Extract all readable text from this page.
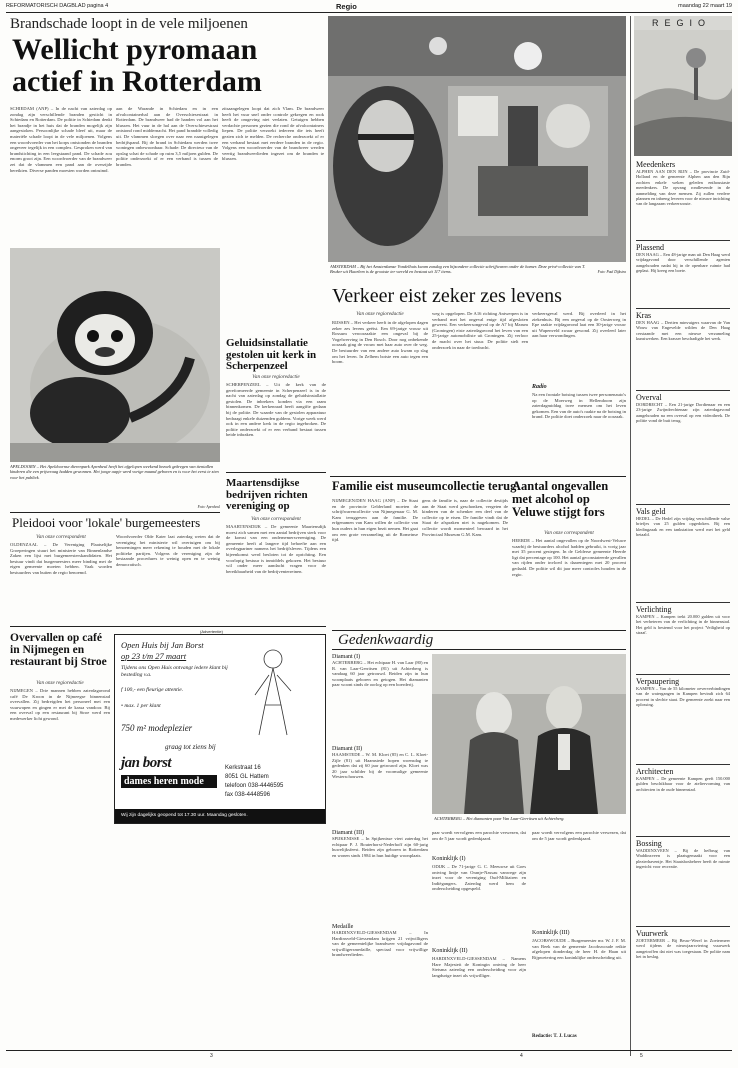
REFORMATORISCH DAGBLAD pagina 4	Regio	maandag 22 maart 19
Brandschade loopt in de vele miljoenen
Wellicht pyromaan
actief in Rotterdam
SCHIEDAM (ANP) – In de nacht van zaterdag op zondag zijn verschillende branden gesticht in Schiedam en Rotterdam. De politie in Schiedam denkt het brandje in het huis dat de branden mogelijk zijn aangestoken. Persoonlijke schade bleef uit, maar de materiële schade loopt in de vele miljoenen. Volgens een woordvoerder van het korps ontstonden de branden ongeveer tegelijk in een complex. Gesproken werd van brandstichting in een leegstaand pand. De schade zou enorm groot zijn. Een woordvoerder van de brandweer zei dat de vlammen een pand aan de overzijde bereikten. Diverse panden moesten worden ontruimd.
aan de Warande in Schiedam en in een afvalcontainerhal aan de Overschiesestraat in Rotterdam. De brandweer had de handen vol aan het blussen. Het vuur in de hal aan de Overschiesestraat ontstond rond middernacht. Het pand brandde volledig uit. De vlammen sloegen over naar een naastgelegen bedrijfspand. Bij de brand in Schiedam werden twee woningen onbewoonbaar. Schade: De directeur van de opslag schat de schade op ruim 3,5 miljoen gulden. De politie onderzoekt of er een verband is tussen de branden.
zitsaangelegen loopt dat zich Vlam. De brandweer heeft het vuur snel onder controle gekregen en rook heeft de omgeving niet verlaten. Getuigen hebben verdachte personen gezien die rond de afvalcontainers liepen. De politie verzoekt iedereen die iets heeft gezien zich te melden. De recherche onderzoekt of er een verband bestaat met eerdere branden in de regio. Volgens een woordvoerder van de brandweer werden veertig brandweerlieden ingezet om de branden te blussen.
AMSTERDAM – Bij het Amsterdamse Vondelhuis kwam zondag een bijzondere collectie schrijfwaren onder de hamer. Deze privé-collectie van T. Bruker uit Haarlem is de grootste ter wereld en bestaat uit 117 items.	Foto: Paul Dijkstra
Verkeer eist zeker zes levens
Van onze regioredactie
RIJSSEN – Het verkeer heeft in de afgelopen dagen zeker zes levens geëist. Een 69-jarige vrouw uit Rossum veroorzaakte een ongeval bij de Vogelwerving in Den Bosch. Door nog onbekende oorzaak ging de vrouw met haar auto over de weg. De bestuurder van een andere auto kwam op slag om het leven. In Zelhem botste een auto tegen een boom.
weg is opgelopen. De A16 richting Antwerpen is in verband met het ongeval enige tijd afgesloten geweest. Een verkeersongeval op de A7 bij Marum (Groningen) eiste zaterdagavond het leven van een 25-jarige automobiliste uit Groningen. Zij verloor de macht over het stuur. De politie stelt een onderzoek in naar de toedracht.
verkeersgeval werd. Bij overleed in het ziekenhuis. Bij een ongeval op de Oosterweg in Epe raakte vrijdagavond laat een 30-jarige vrouw uit Wapenveld zwaar gewond. Zij overleed later aan haar verwondingen.
Radio
Na een frontale botsing tussen twee personenauto's op de Moerweg in Hellendoorn zijn zaterdagmiddag twee mensen om het leven gekomen. Een van de auto's raakte na de botsing in brand. De politie doet onderzoek naar de oorzaak.
APELDOORN – Het Apeldoornse dierenpark Apenheul heeft het afgelopen weekend bezoek gekregen van tientallen kinderen die een prijsvraag hadden gewonnen. Het jonge aapje werd vorige maand geboren en is voor het eerst te zien voor het publiek.
Foto: Apenheul
Geluidsinstallatie gestolen uit kerk in Scherpenzeel
Van onze regioredactie
SCHERPENZEEL – Uit de kerk van de gereformeerde gemeente in Scherpenzeel is in de nacht van zaterdag op zondag de geluidsinstallatie gestolen. De inbrekers konden via een raam binnenkomen. De kerkenraad heeft aangifte gedaan bij de politie. De waarde van de gestolen apparatuur bedraagt enkele duizenden guldens. Vorige week werd ook in een andere kerk in de regio ingebroken. De politie onderzoekt of er een verband bestaat tussen beide inbraken.
Maartensdijkse bedrijven richten vereniging op
Van onze correspondent
MAARTENSDIJK – De gemeente Maartensdijk moest zich samen met een aantal bedrijven sterk voor de komst van een ondernemersvereniging. De gemeente heeft al langere tijd behoefte aan een overlegpartner namens het bedrijfsleven. Tijdens een bijeenkomst werd besloten tot de oprichting. Een voorlopig bestuur is inmiddels gekozen. Het bestuur wil onder meer aandacht vragen voor de bereikbaarheid van de bedrijventerreinen.
Pleidooi voor 'lokale' burgemeesters
Van onze correspondent
OLDENZAAL – De Vereniging Plaatselijke Groeperingen stuurt het ministerie van Binnenlandse Zaken een lijst met burgemeesterskandidaten. Het bestuur vindt dat burgemeesters meer binding met de eigen gemeente moeten hebben. Vaak worden bestuurders van buiten de regio benoemd.
Woordvoerder Olde Kater laat zaterdag weten dat de vereniging het ministerie wil overtuigen om bij benoemingen meer rekening te houden met de lokale politieke partijen. Volgens de vereniging zijn de bestaande procedures te weinig open en te weinig democratisch.
Overvallen op café in Nijmegen en restaurant bij Stroe
Van onze regioredactie
NIJMEGEN – Drie mannen hebben zaterdagavond café De Kroon in de Nijmeegse binnenstad overvallen. Zij bedreigden het personeel met een vuurwapen en gingen er met de kassa vandoor. Bij een overval op een restaurant bij Stroe werd een medewerker licht gewond.
(Advertentie)
Open Huis bij Jan Borst
op 23 t/m 27 maart
Tijdens ons Open Huis ontvangt iedere klant bij besteding v.a.
f 100,- een fleurige attentie.
• max. 1 per klant
750 m² modeplezier
graag tot ziens bij
jan borst
dames heren mode
Kerkstraat 16
8051 GL Hattem
telefoon 038-4446595
fax 038-4448596
Wij zijn dagelijks geopend tot 17.30 uur. Maandag gesloten.
Familie eist museumcollectie terug
NIJMEGEN/DEN HAAG (ANP) – De Staat en de provincie Gelderland moeten de schrijfwarencollectie van Nijmegenaar G. M. Kam teruggeven aan de familie. De erfgenamen van Kam willen de collectie van hun ouders in hun eigen bezit nemen. Het gaat om een grote verzameling uit de Romeinse tijd.
gens de familie is, naar de collectie destijds aan de Staat werd geschonken, vergeten de kinderen van de schenker een deel van de collectie op te eisen. De familie vindt dat de Staat de afspraken niet is nagekomen. De collectie wordt momenteel bewaard in het Provinciaal Museum G.M. Kam.
Aantal ongevallen met alcohol op Veluwe stijgt fors
Van onze correspondent
HEERDE – Het aantal ongevallen op de Noordwest-Veluwe waarbij de bestuurders alcohol hadden gebruikt, is vorig jaar met 35 procent gestegen. In de Gelderse gemeente Heerde ligt dat percentage op 100. Het aantal geconstateerde gevallen van rijden onder invloed is daarentegen met 20 procent gedaald. De politie wil dit jaar meer controles houden in de regio.
Gedenkwaardig
Diamant (I)
ACHTERBERG – Het echtpaar H. van Laar (80) en R. van Laar-Gerritsen (81) uit Achterberg is vandaag 60 jaar getrouwd. Beiden zijn in hun woonplaats geboren en getogen. Het diamanten paar woont sinds de oorlog op een boerderij.
Diamant (II)
HAAMSTEDE – W. M. Kloet (85) en C. L. Kloet-Zijle (81) uit Haamstede hopen woensdag te gedenken dat zij 60 jaar getrouwd zijn. Kloet was 20 jaar schilder bij de voormalige gemeente Westerschouwen.
Diamant (III)
SPIJKENISSE – In Spijkenisse viert zaterdag het echtpaar P. J. Bouterhorst-Nederhoff zijn 60-jarig huwelijksfeest. Beiden zijn geboren in Rotterdam en wonen sinds 1984 in hun huidige woonplaats.
Medaille
HARDINXVELD-GIESSENDAM – In Hardinxveld-Giessendam krijgen 21 vrijwilligers van de gemeentelijke brandweer vrijdagavond de vrijwilligersmedaille, speciaal voor vrijwillige brandweerlieden.
ACHTERBERG – Het diamanten paar Van Laar-Gerritsen uit Achterberg.
paar woedt vervolgens een parochie verwezen, dat om de 5 jaar wordt gedenkjaard.
Koninklijk (I)
ODIJK – De 71-jarige G. C. Meeuwse uit Goes ontving lintje van Oranje-Nassau vanwege zijn inzet voor de vereniging Oud-Militairen en Indiëgangers. Zaterdag werd hem de onderscheiding opgespeld.
Koninklijk (II)
HARDINXVELD-GIESSENDAM – Namens Hare Majesteit de Koningin ontving de heer Sietsma zaterdag een onderscheiding voor zijn langdurige inzet als vrijwilliger.
paar woedt vervolgens een parochie verwezen, dat om de 5 jaar wordt gedenkjaard.
Koninklijk (III)
JACOBSWOUDE – Burgemeester mr. W. J. F. M. van Beek van de gemeente Jacobswoude reikte afgelopen donderdag de heer H. de Haan uit Rijpwetering een koninklijke onderscheiding uit.
Redactie: T. J. Lucas
REGIO
Meedenkers
ALPHEN AAN DEN RIJN – De provincie Zuid-Holland en de gemeente Alphen aan den Rijn zochten enkele weken geleden enthousiaste meedenkers. De opvang rondlevende in de aanmelding van deze mensen. Zij zullen verdere plannen en inbreng leveren voor de nieuwe inrichting van de langzaam verkeersroute.
Plassend
DEN HAAG – Een 48-jarige man uit Den Haag werd vrijdagavond door verschillende agenten aangehouden nadat hij in de openbare ruimte had geplast. Hij kreeg een boete.
Kras
DEN HAAG – Dertien minvuigers waarvan de Van Wouw van Engevelde wilden de Den Haag cerstaande met een nieuwe verzameling kunstwerken. Een krasser beschadigde het werk.
Overval
DORDRECHT – Een 21-jarige Dordtenaar en een 23-jarige Zwijndrechtenaar zijn zaterdagavond aangehouden na een overval op een videotheek. De politie vond de buit terug.
Vals geld
HEDEL – De Hedel zijn vrijdag verschillende valse briefjes van 25 gulden opgedoken. Bij een kledingzaak en een tankstation werd met het geld betaald.
Verlichting
KAMPEN – Kampen trekt 20.000 gulden uit voor het verbeteren van de verlichting in de binnenstad. Het geld is bestemd voor het project 'Veiligheid op straat'.
Verpaupering
KAMPEN – Van de 55 kilometer oeververbindingen van de watergangen in Kampen bevindt zich 64 procent in slechte staat. De gemeente zoekt naar een oplossing.
Architecten
KAMPEN – De gemeente Kampen geeft 150.000 gulden beschikbaar voor de ateliervorming van architecten in de oude binnenstad.
Bossing
WADDINXVEEN – Bij de hefbrug van Waddinxveen is plaatsgemaakt voor een plezierhaventje. Het Staatsbosbeheer heeft de ruimte ingericht voor recreatie.
Vuurwerk
ZOETERMEER – Bij Beuw-Werel in Zoetermeer werd tijdens de nieuwjaarsviering vuurwerk aangetroffen dat niet was toegestaan. De politie nam het in beslag.
3	4	5
